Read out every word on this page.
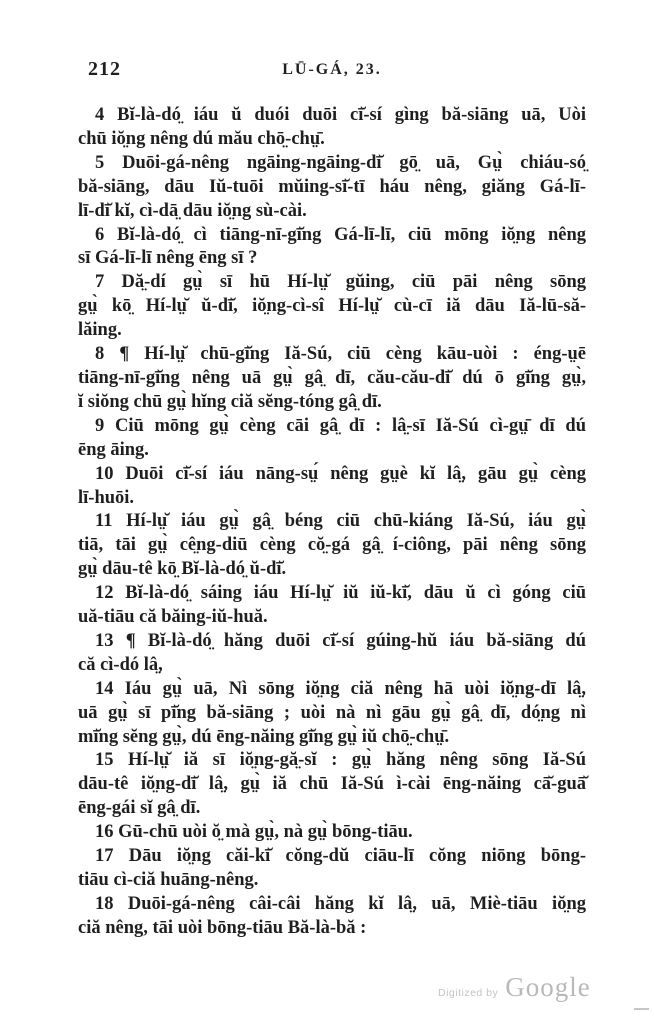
212	LŪ-GÁ, 23.
4 Bĭ-là-dó̤ iáu ŭ duói duōi cī̆-sí gìng bă-siāng uā, Uòi
chū iŏ̤ng nêng dú mău chō̤-chṳ̄.
5 Duōi-gá-nêng ngāing-ngāing-dī̆ gō̤ uā, Gṳ̀ chiáu-só̤
bă-siāng, dāu Iŭ-tuōi mŭing-sī̆-tī háu nêng, giăng Gá-lī-
lī-dī̆ kĭ, cì-dā̤ dāu iŏ̤ng sù-cài.
6 Bĭ-là-dó̤ cì tiāng-nī-gī̆ng Gá-lī-lī, ciū mōng iŏ̤ng nêng
sī Gá-lī-lī nêng ēng sī ?
7 Dă̤-dí gṳ̀ sī hū Hí-lṳ̆ gŭing, ciū pāi nêng sōng
gṳ̀ kō̤ Hí-lṳ̆ ŭ-dī̆, iŏ̤ng-cì-sî Hí-lṳ̆ cù-cī iă dāu Iă-lū-să-
lăing.
8 ¶ Hí-lṳ̆ chū-gī̆ng Iă-Sú, ciū cèng kāu-uòi : éng-ṳē
tiāng-nī-gī̆ng nêng uā gṳ̀ gâ̤ dī, cău-cău-dī̆ dú ō gī̆ng gṳ̀,
ĭ siŏng chū gṳ̀ hĭng ciă sĕng-tóng gâ̤ dī.
9 Ciū mōng gṳ̀ cèng cāi gâ̤ dī : lâ̤-sī Iă-Sú cì-gṳ̄ dī dú
ēng āing.
10 Duōi cī̆-sí iáu nāng-sṳ́ nêng gṳè kĭ lâ̤, gāu gṳ̀ cèng
lī-huōi.
11 Hí-lṳ̆ iáu gṳ̀ gâ̤ béng ciū chū-kiáng Iă-Sú, iáu gṳ̀
tiā, tāi gṳ̀ cê̤ng-diū cèng cŏ̤-gá gâ̤ í-ciông, pāi nêng sōng
gṳ̀ dāu-tê kō̤ Bĭ-là-dó̤ ŭ-dī̆.
12 Bĭ-là-dó̤ sáing iáu Hí-lṳ̆ iŭ iŭ-kī̆, dāu ŭ cì góng ciū
uă-tiāu că băing-iŭ-huă.
13 ¶ Bĭ-là-dó̤ hăng duōi cī̆-sí gúing-hŭ iáu bă-siāng dú
că cì-dó lâ̤,
14 Iáu gṳ̀ uā, Nì sōng iŏ̤ng ciă nêng hā uòi iŏ̤ng-dī lâ̤,
uā gṳ̀ sī pī̆ng bă-siāng ; uòi nà nì gāu gṳ̀ gâ̤ dī, dó̤ng nì
mī̆ng sĕng gṳ̀, dú ēng-năing gī̆ng gṳ̀ iŭ chō̤-chṳ̄.
15 Hí-lṳ̆ iă sī iŏ̤ng-gă̤-sĭ : gṳ̀ hăng nêng sōng Iă-Sú
dāu-tê iŏ̤ng-dī̆ lâ̤, gṳ̀ iă chū Iă-Sú ì-cài ēng-năing cā̆-guā̆
ēng-gái sĭ gâ̤ dī.
16 Gū-chū uòi ŏ̤ mà gṳ̀, nà gṳ̀ bōng-tiāu.
17 Dāu iŏ̤ng căi-kī̆ cŏng-dŭ ciāu-lī cŏng niōng bōng-
tiāu cì-ciă huāng-nêng.
18 Duōi-gá-nêng câi-câi hăng kĭ lâ̤, uā, Miè-tiāu iŏ̤ng
ciă nêng, tāi uòi bōng-tiāu Bă-là-bă :
Digitized by Google
